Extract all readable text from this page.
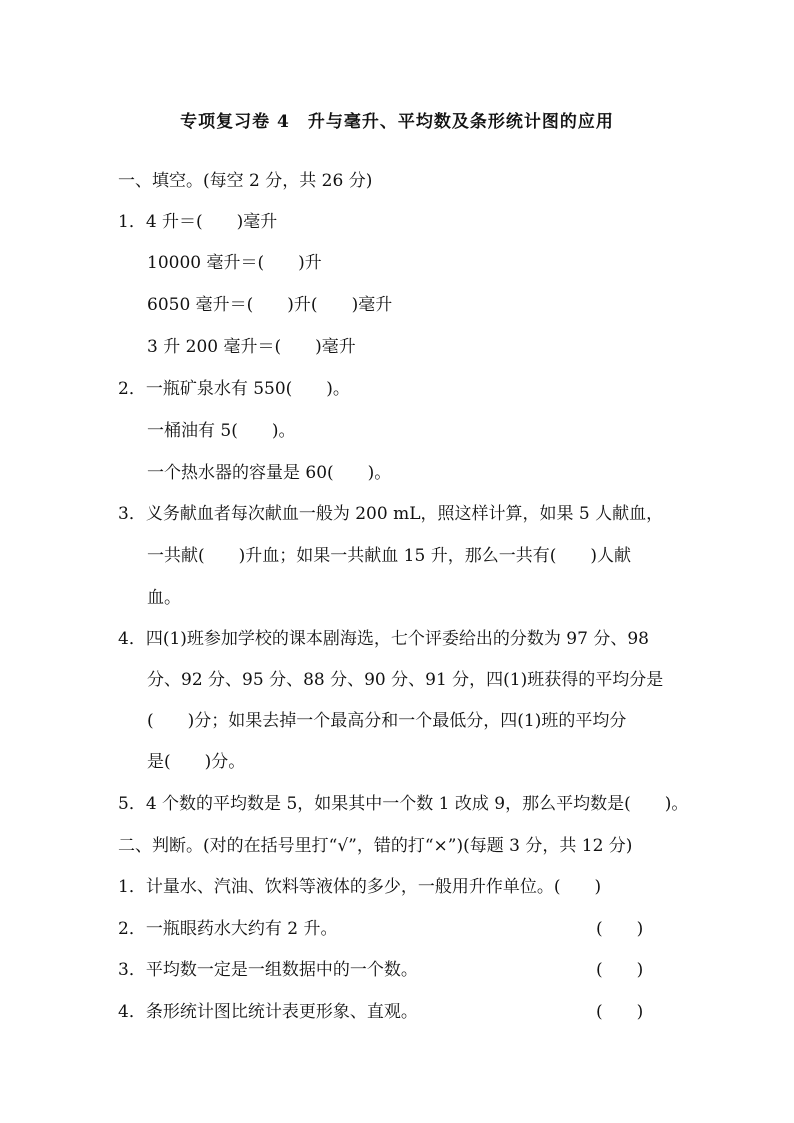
专项复习卷 4　升与毫升、平均数及条形统计图的应用
一、填空。(每空 2 分，共 26 分)
1．4 升＝(　　)毫升
10000 毫升＝(　　)升
6050 毫升＝(　　)升(　　)毫升
3 升 200 毫升＝(　　)毫升
2．一瓶矿泉水有 550(　　)。
一桶油有 5(　　)。
一个热水器的容量是 60(　　)。
3．义务献血者每次献血一般为 200 mL，照这样计算，如果 5 人献血，
一共献(　　)升血；如果一共献血 15 升，那么一共有(　　)人献
血。
4．四(1)班参加学校的课本剧海选，七个评委给出的分数为 97 分、98
分、92 分、95 分、88 分、90 分、91 分，四(1)班获得的平均分是
(　　)分；如果去掉一个最高分和一个最低分，四(1)班的平均分
是(　　)分。
5．4 个数的平均数是 5，如果其中一个数 1 改成 9，那么平均数是(　　)。
二、判断。(对的在括号里打“√”，错的打“×”)(每题 3 分，共 12 分)
1．计量水、汽油、饮料等液体的多少，一般用升作单位。(　　)
2．一瓶眼药水大约有 2 升。	(　　)
3．平均数一定是一组数据中的一个数。	(　　)
4．条形统计图比统计表更形象、直观。	(　　)
